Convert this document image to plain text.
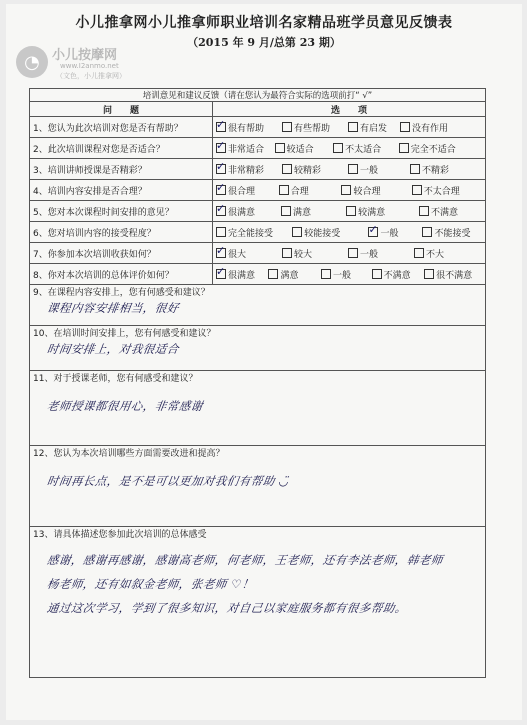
小儿推拿网小儿推拿师职业培训名家精品班学员意见反馈表
（2015 年 9 月/总第 23 期）
◔ 小儿按摩网
www.I2anmo.net
（文色，小儿推拿网）
培训意见和建议反馈（请在您认为最符合实际的选项前打“ √”	
问　　题	选　　项
1、您认为此次培训对您是否有帮助？	
✓很有帮助 有些帮助 有启发 没有作用

2、此次培训课程对您是否适合？	
✓非常适合 较适合 不太适合 完全不适合

3、培训讲师授课是否精彩？	
✓非常精彩 较精彩 一般 不精彩

4、培训内容安排是否合理？	
✓很合理 合理 较合理 不太合理

5、您对本次课程时间安排的意见？	
✓很满意 满意 较满意 不满意

6、您对培训内容的接受程度？	完全能接受 较能接受 ✓ 一般 不能接受

7、你参加本次培训收获如何？	
✓很大 较大 一般 不大

8、你对本次培训的总体评价如何？	
✓很满意 满意 一般 不满意 很不满意

9、在课程内容安排上，您有何感受和建议？
课程内容安排相当，很好	

10、在培训时间安排上，您有何感受和建议？
时间安排上，对我很适合	

11、对于授课老师，您有何感受和建议？
老师授课都很用心，非常感谢	

12、您认为本次培训哪些方面需要改进和提高？
时间再长点，是不是可以更加对我们有帮助 ◡̈	

13、请具体描述您参加此次培训的总体感受
感谢，感谢再感谢，感谢高老师，何老师，王老师，还有李法老师，韩老师
杨老师，还有如叙金老师，张老师 ♡！
通过这次学习，学到了很多知识，对自己以家庭服务都有很多帮助。	
